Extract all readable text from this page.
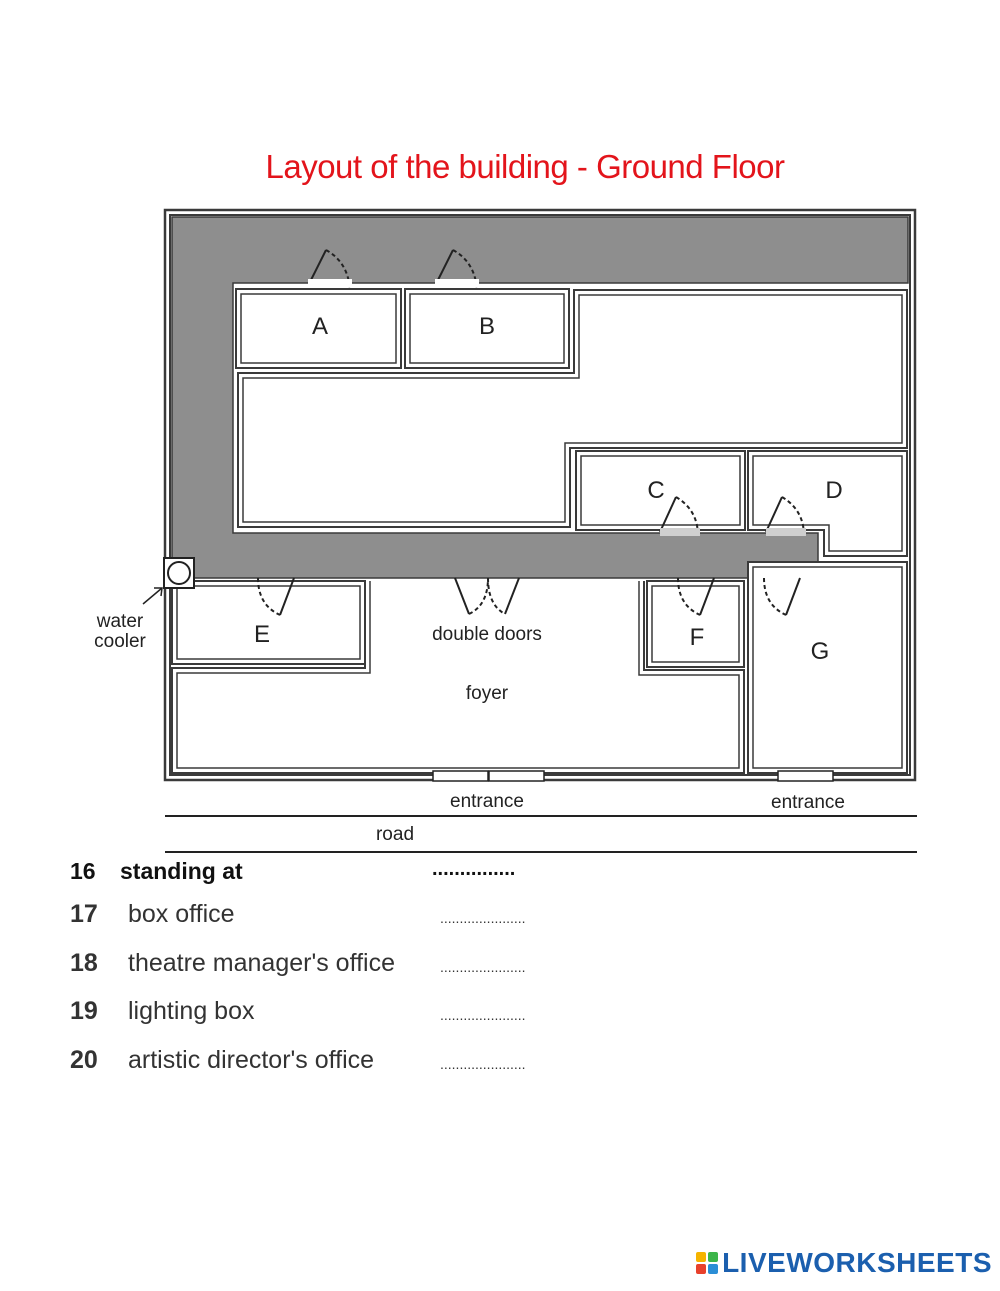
Layout of the building - Ground Floor
A	B
C	D
E	F
G
water
cooler	double doors
foyer
entrance	entrance
road
16 standing at	...............
17 box office	......................
18 theatre manager's office	......................
19 lighting box	......................
20 artistic director's office	......................
LIVEWORKSHEETS
